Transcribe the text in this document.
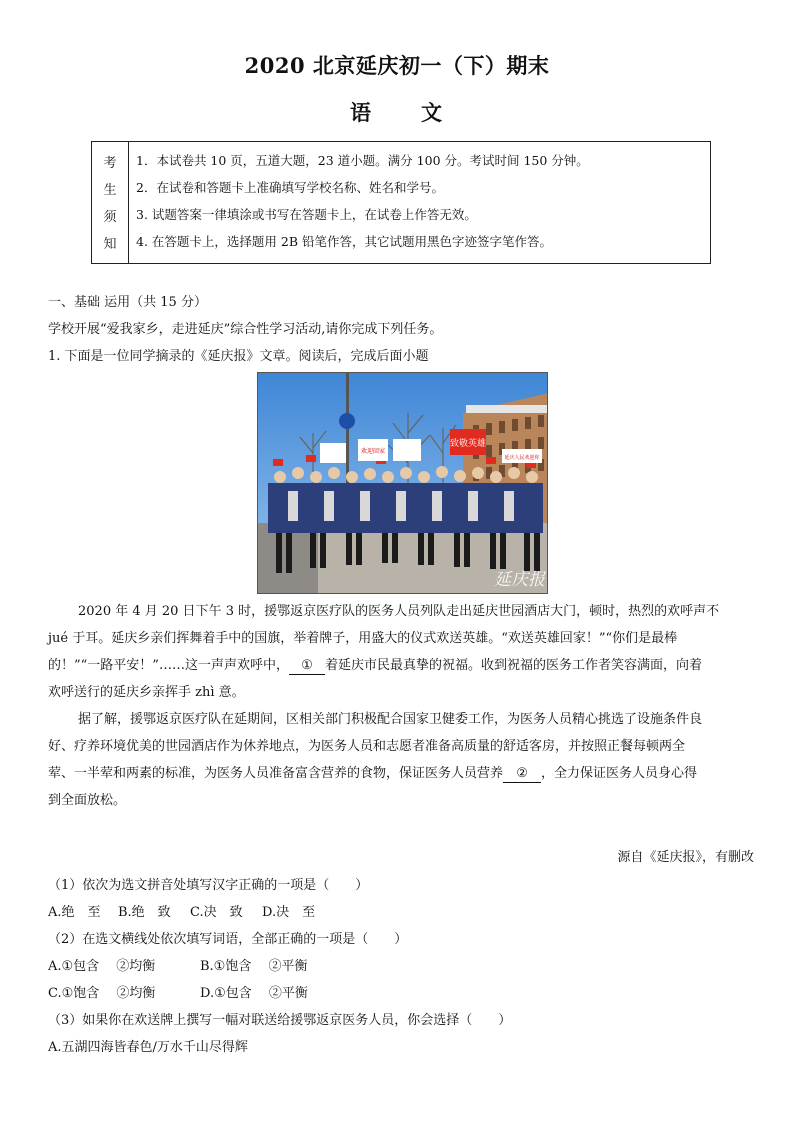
2020 北京延庆初一（下）期末
语 文
考
生
须
知
1．本试卷共 10 页，五道大题，23 道小题。满分 100 分。考试时间 150 分钟。
2．在试卷和答题卡上准确填写学校名称、姓名和学号。
3. 试题答案一律填涂或书写在答题卡上，在试卷上作答无效。
4. 在答题卡上，选择题用 2B 铅笔作答，其它试题用黑色字迹签字笔作答。
一、基础 运用（共 15 分）
学校开展“爱我家乡，走进延庆”综合性学习活动,请你完成下列任务。
1. 下面是一位同学摘录的《延庆报》文章。阅读后，完成后面小题
致敬英雄
欢迎回家
延庆人民欢迎你
延庆报
2020 年 4 月 20 日下午 3 时，援鄂返京医疗队的医务人员列队走出延庆世园酒店大门，顿时，热烈的欢呼声不
jué 于耳。延庆乡亲们挥舞着手中的国旗，举着牌子，用盛大的仪式欢送英雄。“欢送英雄回家！”“你们是最棒
的！”“一路平安！”……这一声声欢呼中， ① 着延庆市民最真挚的祝福。收到祝福的医务工作者笑容满面，向着
欢呼送行的延庆乡亲挥手 zhì 意。
据了解，援鄂返京医疗队在延期间，区相关部门积极配合国家卫健委工作，为医务人员精心挑选了设施条件良
好、疗养环境优美的世园酒店作为休养地点，为医务人员和志愿者准备高质量的舒适客房，并按照正餐每顿两全
荤、一半荤和两素的标准，为医务人员准备富含营养的食物，保证医务人员营养 ② ，全力保证医务人员身心得
到全面放松。
源自《延庆报》，有删改
（1）依次为选文拼音处填写汉字正确的一项是（　　）
A.绝　至 B.绝　致 C.决　致 D.决　至
（2）在选文横线处依次填写词语，全部正确的一项是（　　）
A.①包含　 ②均衡	B.①饱含　 ②平衡
C.①饱含　 ②均衡	D.①包含　 ②平衡
（3）如果你在欢送牌上撰写一幅对联送给援鄂返京医务人员，你会选择（　　）
A.五湖四海皆春色/万水千山尽得辉
